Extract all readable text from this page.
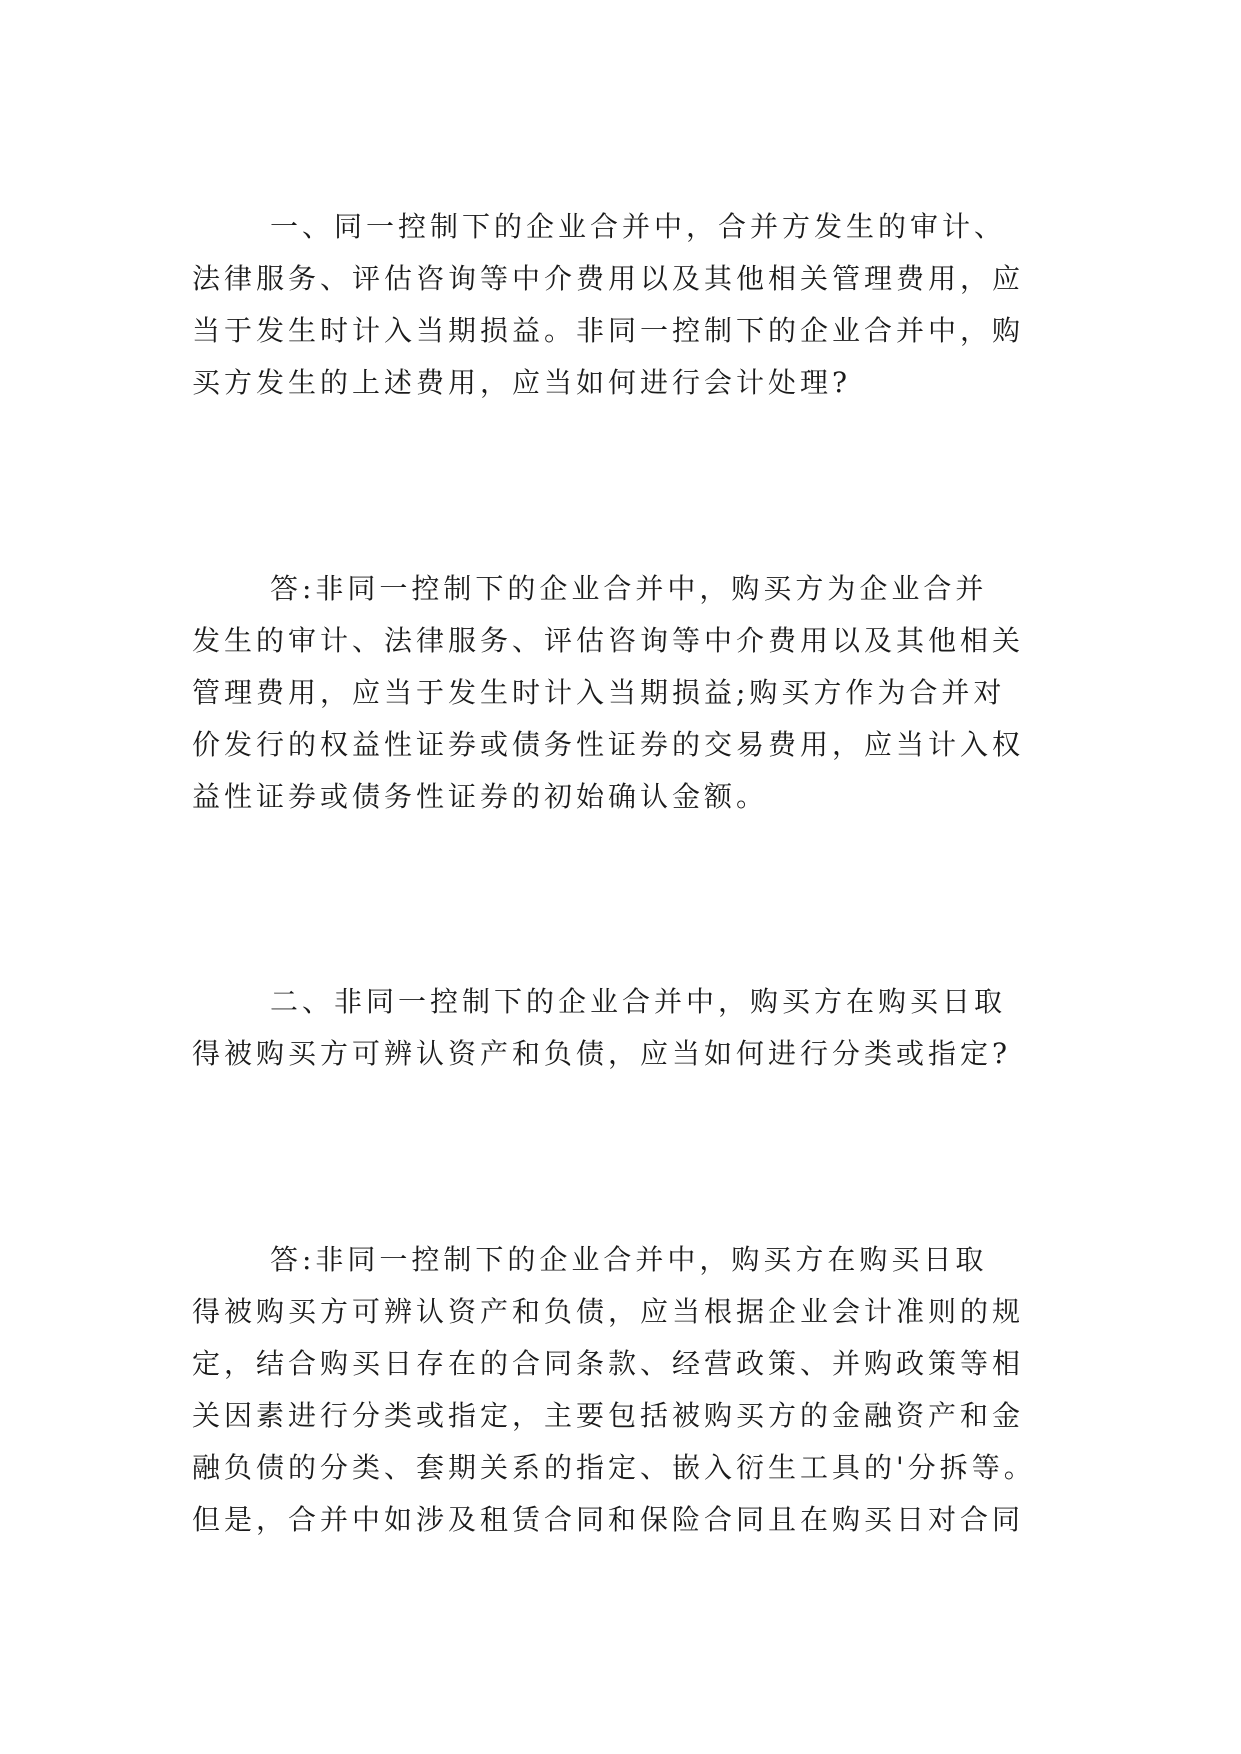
一、同一控制下的企业合并中，合并方发生的审计、
法律服务、评估咨询等中介费用以及其他相关管理费用，应
当于发生时计入当期损益。非同一控制下的企业合并中，购
买方发生的上述费用，应当如何进行会计处理?
答:非同一控制下的企业合并中，购买方为企业合并
发生的审计、法律服务、评估咨询等中介费用以及其他相关
管理费用，应当于发生时计入当期损益;购买方作为合并对
价发行的权益性证券或债务性证券的交易费用，应当计入权
益性证券或债务性证券的初始确认金额。
二、非同一控制下的企业合并中，购买方在购买日取
得被购买方可辨认资产和负债，应当如何进行分类或指定?
答:非同一控制下的企业合并中，购买方在购买日取
得被购买方可辨认资产和负债，应当根据企业会计准则的规
定，结合购买日存在的合同条款、经营政策、并购政策等相
关因素进行分类或指定，主要包括被购买方的金融资产和金
融负债的分类、套期关系的指定、嵌入衍生工具的'分拆等。
但是，合并中如涉及租赁合同和保险合同且在购买日对合同
